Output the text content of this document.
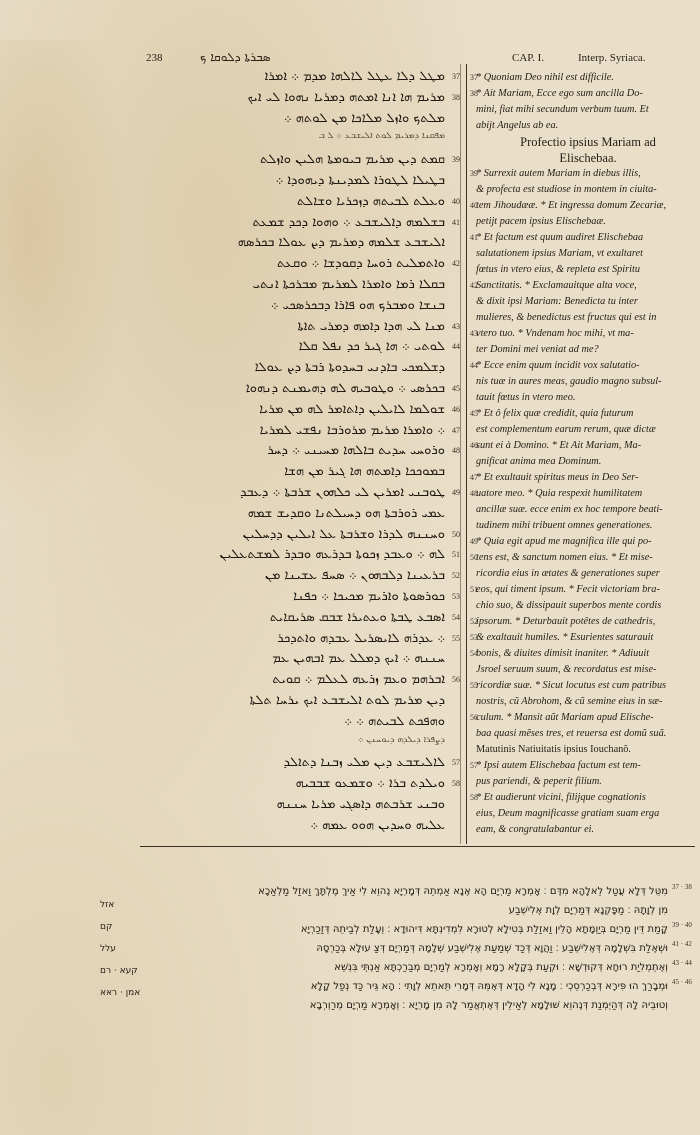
238	ܣܒܪܬܐ ܕܠܘܩܐ ܟ	CAP. I.	Interp. Syriaca.
ܡܛܠ ܕܠܐ ܥܛܠ ܠܐܠܗܐ ܡܕܡ ܀ ܐܡܪܐ 37
ܡܪܝܡ ܗܐ ܐܢܐ ܐܡܬܗ ܕܡܪܝܐ ܢܗܘܐ ܠܝ ܐܝܟ 38
ܡܠܬܟ ܘܐܙܠ ܡܠܐܟܐ ܡܢ ܠܘܬܗ ܀
ܡܦܩܢܐ ܕܡܪܝܡ ܠܘܬ ܐܠܝܫܒܥ ܀ ܠ ܒ
ܩܡܬ ܕܝܢ ܡܪܝܡ ܒܝܘܡܬܐ ܗܠܝܢ ܘܐܙܠܬ 39
ܒܛܝܠܐ ܠܛܘܪܐ ܠܡܕܝܢܬܐ ܕܝܗܘܕܐ ܀
ܘܥܠܬ ܠܒܝܬܗ ܕܙܟܪܝܐ ܘܫܐܠܬ 40
ܒܫܠܡܗ ܕܐܠܝܫܒܥ ܀ ܘܗܘܐ ܕܟܕ ܫܡܥܬ 41
ܐܠܝܫܒܥ ܫܠܡܗ ܕܡܪܝܡ ܕܨ ܥܘܠܐ ܒܟܪܣܗ
ܘܐܬܡܠܝܬ ܪܘܚܐ ܕܩܘܕܫܐ ܀ ܘܩܥܬ 42
ܒܩܠܐ ܪܡܐ ܘܐܡܪܐ ܠܡܪܝܡ ܡܒܪܟܬܐ ܐܢܬܝ
ܒܢܫܐ ܘܡܒܪܟ ܗܘ ܦܐܪܐ ܕܒܟܪܣܟܝ ܀
ܡܢܐ ܠܝ ܗܕܐ ܕܐܡܗ ܕܡܪܝ ܬܐܬܐ 43
ܠܘܬܝ ܀ ܗܐ ܓܝܪ ܟܕ ܢܦܠ ܩܠܐ 44
ܕܫܠܡܟܝ ܒܐܕܢܝ ܒܚܕܘܬܐ ܪܒܬܐ ܕܨ ܥܘܠܐ
ܒܟܪܣܝ ܀ ܘܛܘܒܝܗ ܠܗ ܕܗܝܡܢܬ ܕܢܗܘܐ 45
ܫܘܠܡܐ ܠܐܝܠܝܢ ܕܐܬܐܡܪ ܠܗ ܡܢ ܡܪܝܐ 46
܀ ܘܐܡܪܐ ܡܪܝܡ ܡܪܘܪܒܐ ܢܦܫܝ ܠܡܪܝܐ 47
ܘܪܘܚܝ ܚܕܝܬ ܒܐܠܗܐ ܡܚܝܢܝ ܀ ܕܚܪ 48
ܒܡܘܟܟܐ ܕܐܡܬܗ ܗܐ ܓܝܪ ܡܢ ܗܫܐ
ܛܘܒܢܝ ܐܡܪܝܢ ܠܝ ܟܠܗܘܢ ܫܪܒܬܐ ܀ ܕܥܒܕ 49
ܥܡܝ ܪܘܪܒܬܐ ܗܘ ܕܚܝܠܬܢܐ ܘܩܕܝܫ ܫܡܗ
ܘܚܢܢܗ ܠܕܪܐ ܘܫܪܒܬܐ ܥܠ ܐܝܠܝܢ ܕܕܚܠܝܢ 50
ܠܗ ܀ ܘܥܒܕ ܙܟܘܬܐ ܒܕܪܥܗ ܘܒܕܪ ܠܡܫܬܥܠܝܢ 51
ܒܪܥܝܢܐ ܕܠܒܗܘܢ ܀ ܣܚܦ ܥܫܝܢܐ ܡܢ 52
ܟܘܪܣܘܬܐ ܘܐܪܝܡ ܡܟܝܟܐ ܀ ܟܦܢܐ 53
ܐܣܒܥ ܛܒܬܐ ܘܥܬܝܪܐ ܫܒܩ ܣܪܝܩܐܝܬ 54
܀ ܥܕܪܗ ܠܐܝܣܪܝܠ ܥܒܕܗ ܘܐܬܕܟܪ 55
ܚܢܢܗ ܀ ܐܝܟ ܕܡܠܠ ܥܡ ܐܒܗܝܢ ܥܡ
ܐܒܪܗܡ ܘܥܡ ܙܪܥܗ ܠܥܠܡ ܀ ܩܘܝܬ 56
ܕܝܢ ܡܪܝܡ ܠܘܬ ܐܠܝܫܒܥ ܐܝܟ ܝܪܚܐ ܬܠܬܐ
ܘܗܦܟܬ ܠܒܝܬܗ ܀ ܀
ܕܨܦܪܐ ܕܝܠܕܗ ܕܝܘܚܢܢ ܀
ܠܐܠܝܫܒܥ ܕܝܢ ܡܠܝ ܙܒܢܐ ܕܬܐܠܕ 57
ܘܝܠܕܬ ܒܪܐ ܀ ܘܫܡܥܘ ܫܒܒܝܗ 58
ܘܒܢܝ ܫܪܒܬܗ ܕܐܣܓܝ ܡܪܝܐ ܚܢܢܗ
ܥܠܝܗ ܘܚܕܝܢ ܗܘܘ ܥܡܗ ܀
* Quoniam Deo nihil est difficile.
37
* Ait Mariam, Ecce ego sum ancilla Do-
38
mini, fiat mihi secundum verbum tuum. Et
abijt Angelus ab ea.
Profectio ipsius Mariam ad
Elischebaa.
* Surrexit autem Mariam in diebus illis,
39
& profecta est studiose in montem in ciuita-
tem Jihoudææ. * Et ingressa domum Zecariæ,
40
petijt pacem ipsius Elischebaæ.
* Et factum est quum audiret Elischebaa
41
salutationem ipsius Mariam, vt exultaret
fœtus in vtero eius, & repleta est Spiritu
Sanctitatis. * Exclamauitque alta voce,
42
& dixit ipsi Mariam: Benedicta tu inter
mulieres, & benedictus est fructus qui est in
vtero tuo. * Vndenam hoc mihi, vt ma-
43
ter Domini mei veniat ad me?
* Ecce enim quum incidit vox salutatio-
44
nis tuæ in aures meas, gaudio magno subsul-
tauit fœtus in vtero meo.
* Et ô felix quæ credidit, quia futurum
45
est complementum earum rerum, quæ dictæ
sunt ei à Domino. * Et Ait Mariam, Ma-
46
gnificat anima mea Dominum.
* Et exultauit spiritus meus in Deo Ser-
47
uatore meo. * Quia respexit humilitatem
48
ancillæ suæ. ecce enim ex hoc tempore beati-
tudinem mihi tribuent omnes generationes.
* Quia egit apud me magnifica ille qui po-
49
tens est, & sanctum nomen eius. * Et mise-
50
ricordia eius in ætates & generationes super
eos, qui timent ipsum. * Fecit victoriam bra-
51
chio suo, & dissipauit superbos mente cordis
ipsorum. * Deturbauit potêtes de cathedris,
52
& exaltauit humiles. * Esurientes saturauit
53
bonis, & diuites dimisit inaniter. * Adiuuit
54
Jsroel seruum suum, & recordatus est mise-
ricordiæ suæ. * Sicut locutus est cum patribus
55
nostris, cũ Abrohom, & cũ semine eius in sæ-
culum. * Mansit aũt Mariam apud Elische-
56
baa quasi mẽses tres, et reuersa est domũ suã.
Matutinis Natiuitatis ipsius Iouchanõ.
* Ipsi autem Elischebaa factum est tem-
57
pus pariendi, & peperit filium.
* Et audierunt vicini, filijque cognationis
58
eius, Deum magnificasse gratiam suam erga
eam, & congratulabantur ei.
מִטֻּל דְּלָא עֲטַל לֵאלָהָא מִדֶּם ׃ אָמְרָא מַרְיָם הָא אֶנָא אַמְתֵהּ דְּמָרְיָא נֶהוֵא לִי אַיךְ מֶלְתָּךְ וַאזַל מַלְאַכָא 37 · 38
מִן לְוָתָהּ ׃ מַפָּקְנָא דְּמַרְיָם לְוָת אֶלִישְׁבַע
קָמַת דֵּין מַרְיָם בְּיַוְמָתָא הָלֵין וַאזַלַת בְּטִילָא לְטוּרָא לִמְדִינְתָּא דִּיהוּדָא ׃ וְעָלַת לְבַיתֵהּ דְּזַכַרְיָא 39 · 40
וּשְׁאֶלַת בִּשְׁלָמָהּ דְּאֶלִישְׁבַע ׃ וַהֲוָא דְּכַד שְׁמַעַת אֶלִישְׁבַע שְׁלָמָהּ דְּמַרְיָם דְּצַ עוּלָא בְּכַרְסָהּ 41 · 42
וְאֶתְמְלִיַת רוּחָא דְּקוּדְשָׁא ׃ וּקְעַת בְּקָלָא רָמָא וְאָמְרָא לְמַרְיָם מְבַרַכְתָּא אַנְתְּי בִּנְשֵׁא 43 · 44
וּמְבָרַךְ הוּ פִּירָא דְּבְכַרְסֵכְי ׃ מָנָא לִי הָדָא דְּאֶמֵּהּ דְּמָרִי תֵּאתֵא לְוָתִי ׃ הָא גֵּיר כַּד נְפַל קָלָא 45 · 46
וְטוּבֵיהּ לָהּ דְּהַיְמְנַת דְּנֶהוֵא שׁוּלָמָא לְאַילֵין דְּאֶתְאֲמַר לָהּ מִן מָרְיָא ׃ וְאָמְרָא מַרְיָם מְרַוְרְבָא
אזל
קם
עלל
קעא · רם
אמן · ראא
